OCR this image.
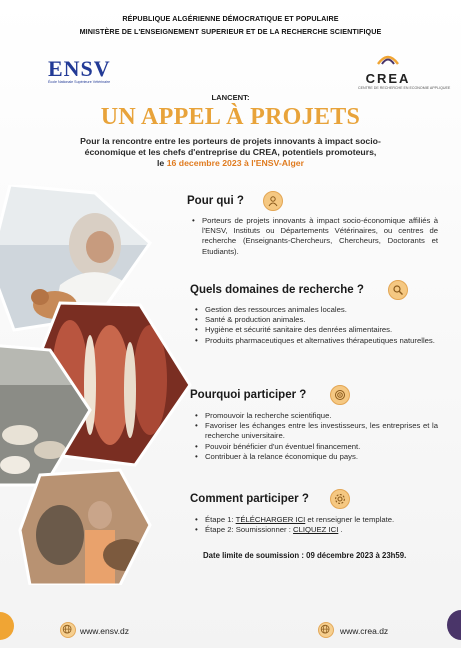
RÉPUBLIQUE ALGÉRIENNE DÉMOCRATIQUE ET POPULAIRE
MINISTÈRE DE L'ENSEIGNEMENT SUPERIEUR ET DE LA RECHERCHE SCIENTIFIQUE
ENSV
École Nationale Supérieure Vétérinaire	CREA
CENTRE DE RECHERCHE EN ECONOMIE APPLIQUEE
LANCENT:
UN APPEL À PROJETS
Pour la rencontre entre les porteurs de projets innovants à impact socio-
économique et les chefs d'entreprise du CREA, potentiels promoteurs,
le 16 decembre 2023 à l'ENSV-Alger
Pour qui ?
• Porteurs de projets innovants à impact socio-économique affiliés à l'ENSV, Instituts ou Départements Vétérinaires, ou centres de recherche (Enseignants-Chercheurs, Chercheurs, Doctorants et Etudiants).
Quels domaines de recherche ?
• Gestion des ressources animales locales.
• Santé & production animales.
• Hygiène et sécurité sanitaire des denrées alimentaires.
• Produits pharmaceutiques et alternatives thérapeutiques naturelles.
Pourquoi participer ?
• Promouvoir la recherche scientifique.
• Favoriser les échanges entre les investisseurs, les entreprises et la recherche universitaire.
• Pouvoir bénéficier d'un éventuel financement.
• Contribuer à la relance économique du pays.
Comment participer ?
• Étape 1: TÉLÉCHARGER ICI et renseigner le template.
• Étape 2: Soumissionner : CLIQUEZ ICI .
Date limite de soumission : 09 décembre 2023 à 23h59.
www.ensv.dz	www.crea.dz
